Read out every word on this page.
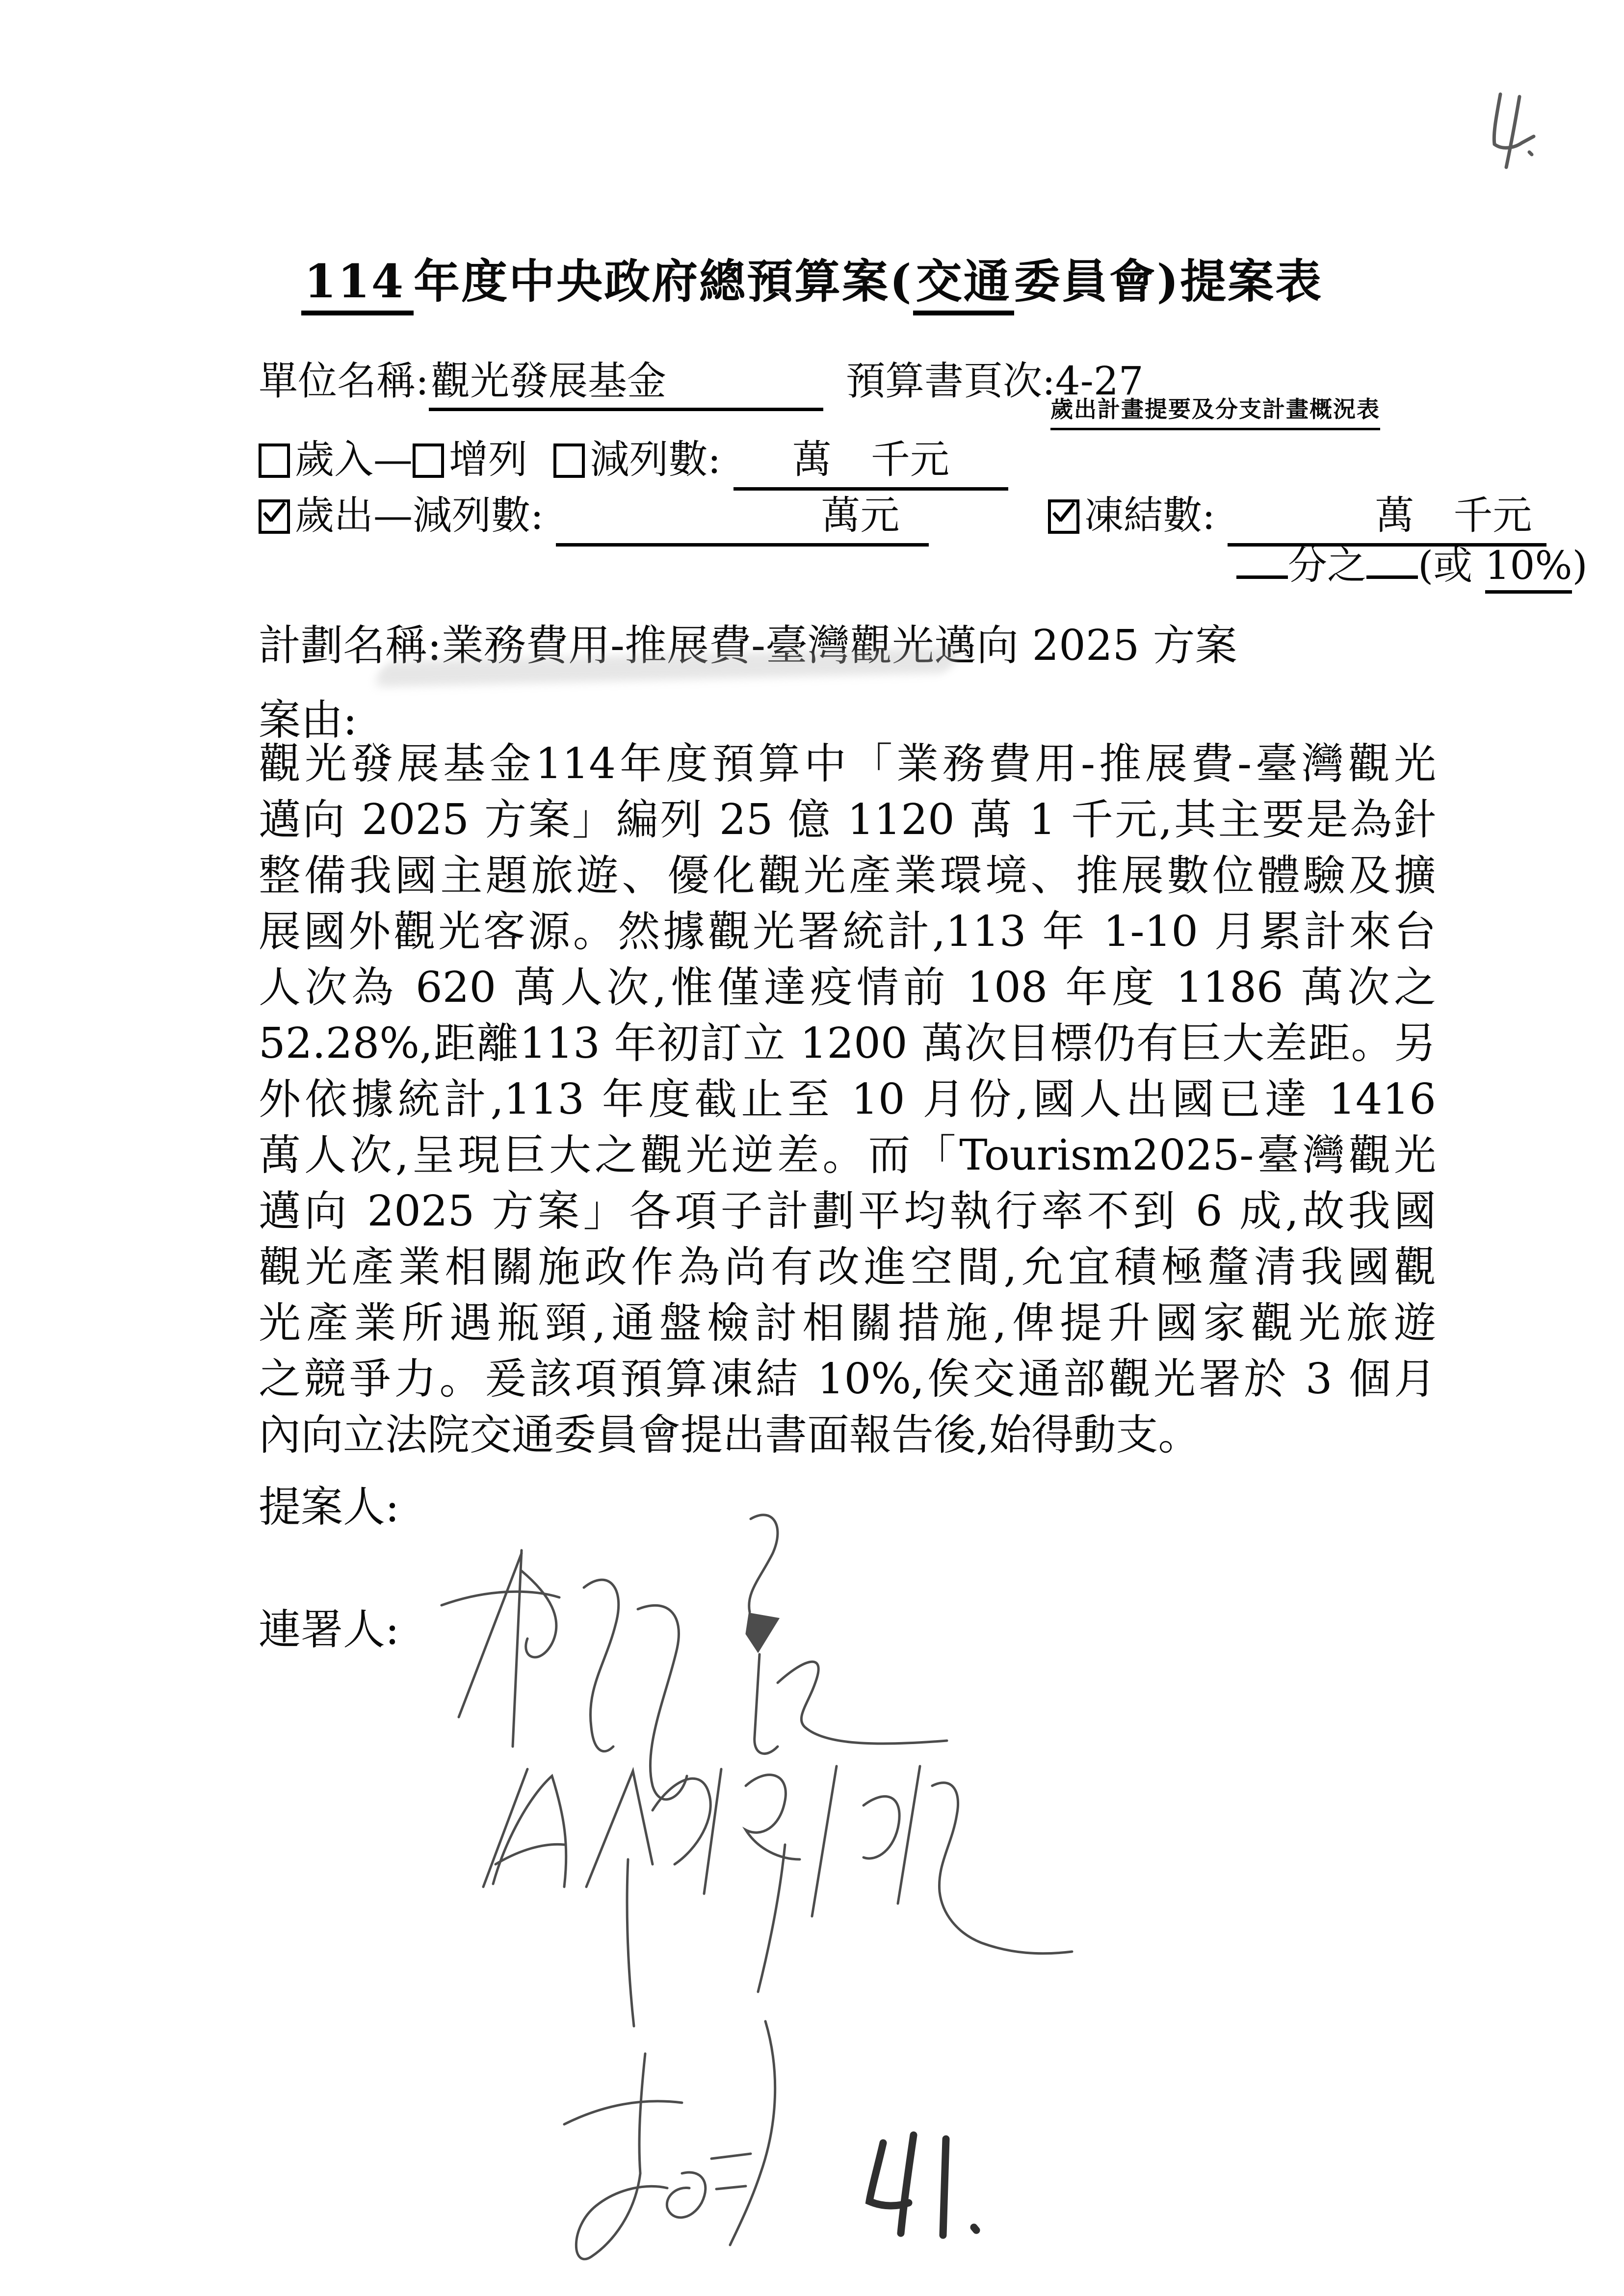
114 年度中央政府總預算案(交通委員會)提案表
單位名稱:觀光發展基金	預算書頁次:4-27
歲出計畫提要及分支計畫概況表
歲入— 增列 減列數: 萬　千元
歲出—減列數:	萬元	凍結數:	萬　千元
分之 (或 10%)
計劃名稱:業務費用-推展費-臺灣觀光邁向 2025 方案
案由:
觀光發展基金114年度預算中「業務費用-推展費-臺灣觀光
邁向 2025 方案」編列 25 億 1120 萬 1 千元,其主要是為針
整備我國主題旅遊、優化觀光產業環境、推展數位體驗及擴
展國外觀光客源。然據觀光署統計,113 年 1-10 月累計來台
人次為 620 萬人次,惟僅達疫情前 108 年度 1186 萬次之
52.28%,距離113 年初訂立 1200 萬次目標仍有巨大差距。另
外依據統計,113 年度截止至 10 月份,國人出國已達 1416
萬人次,呈現巨大之觀光逆差。而「Tourism2025-臺灣觀光
邁向 2025 方案」各項子計劃平均執行率不到 6 成,故我國
觀光產業相關施政作為尚有改進空間,允宜積極釐清我國觀
光產業所遇瓶頸,通盤檢討相關措施,俾提升國家觀光旅遊
之競爭力。爰該項預算凍結 10%,俟交通部觀光署於 3 個月
內向立法院交通委員會提出書面報告後,始得動支。
提案人:
連署人:
